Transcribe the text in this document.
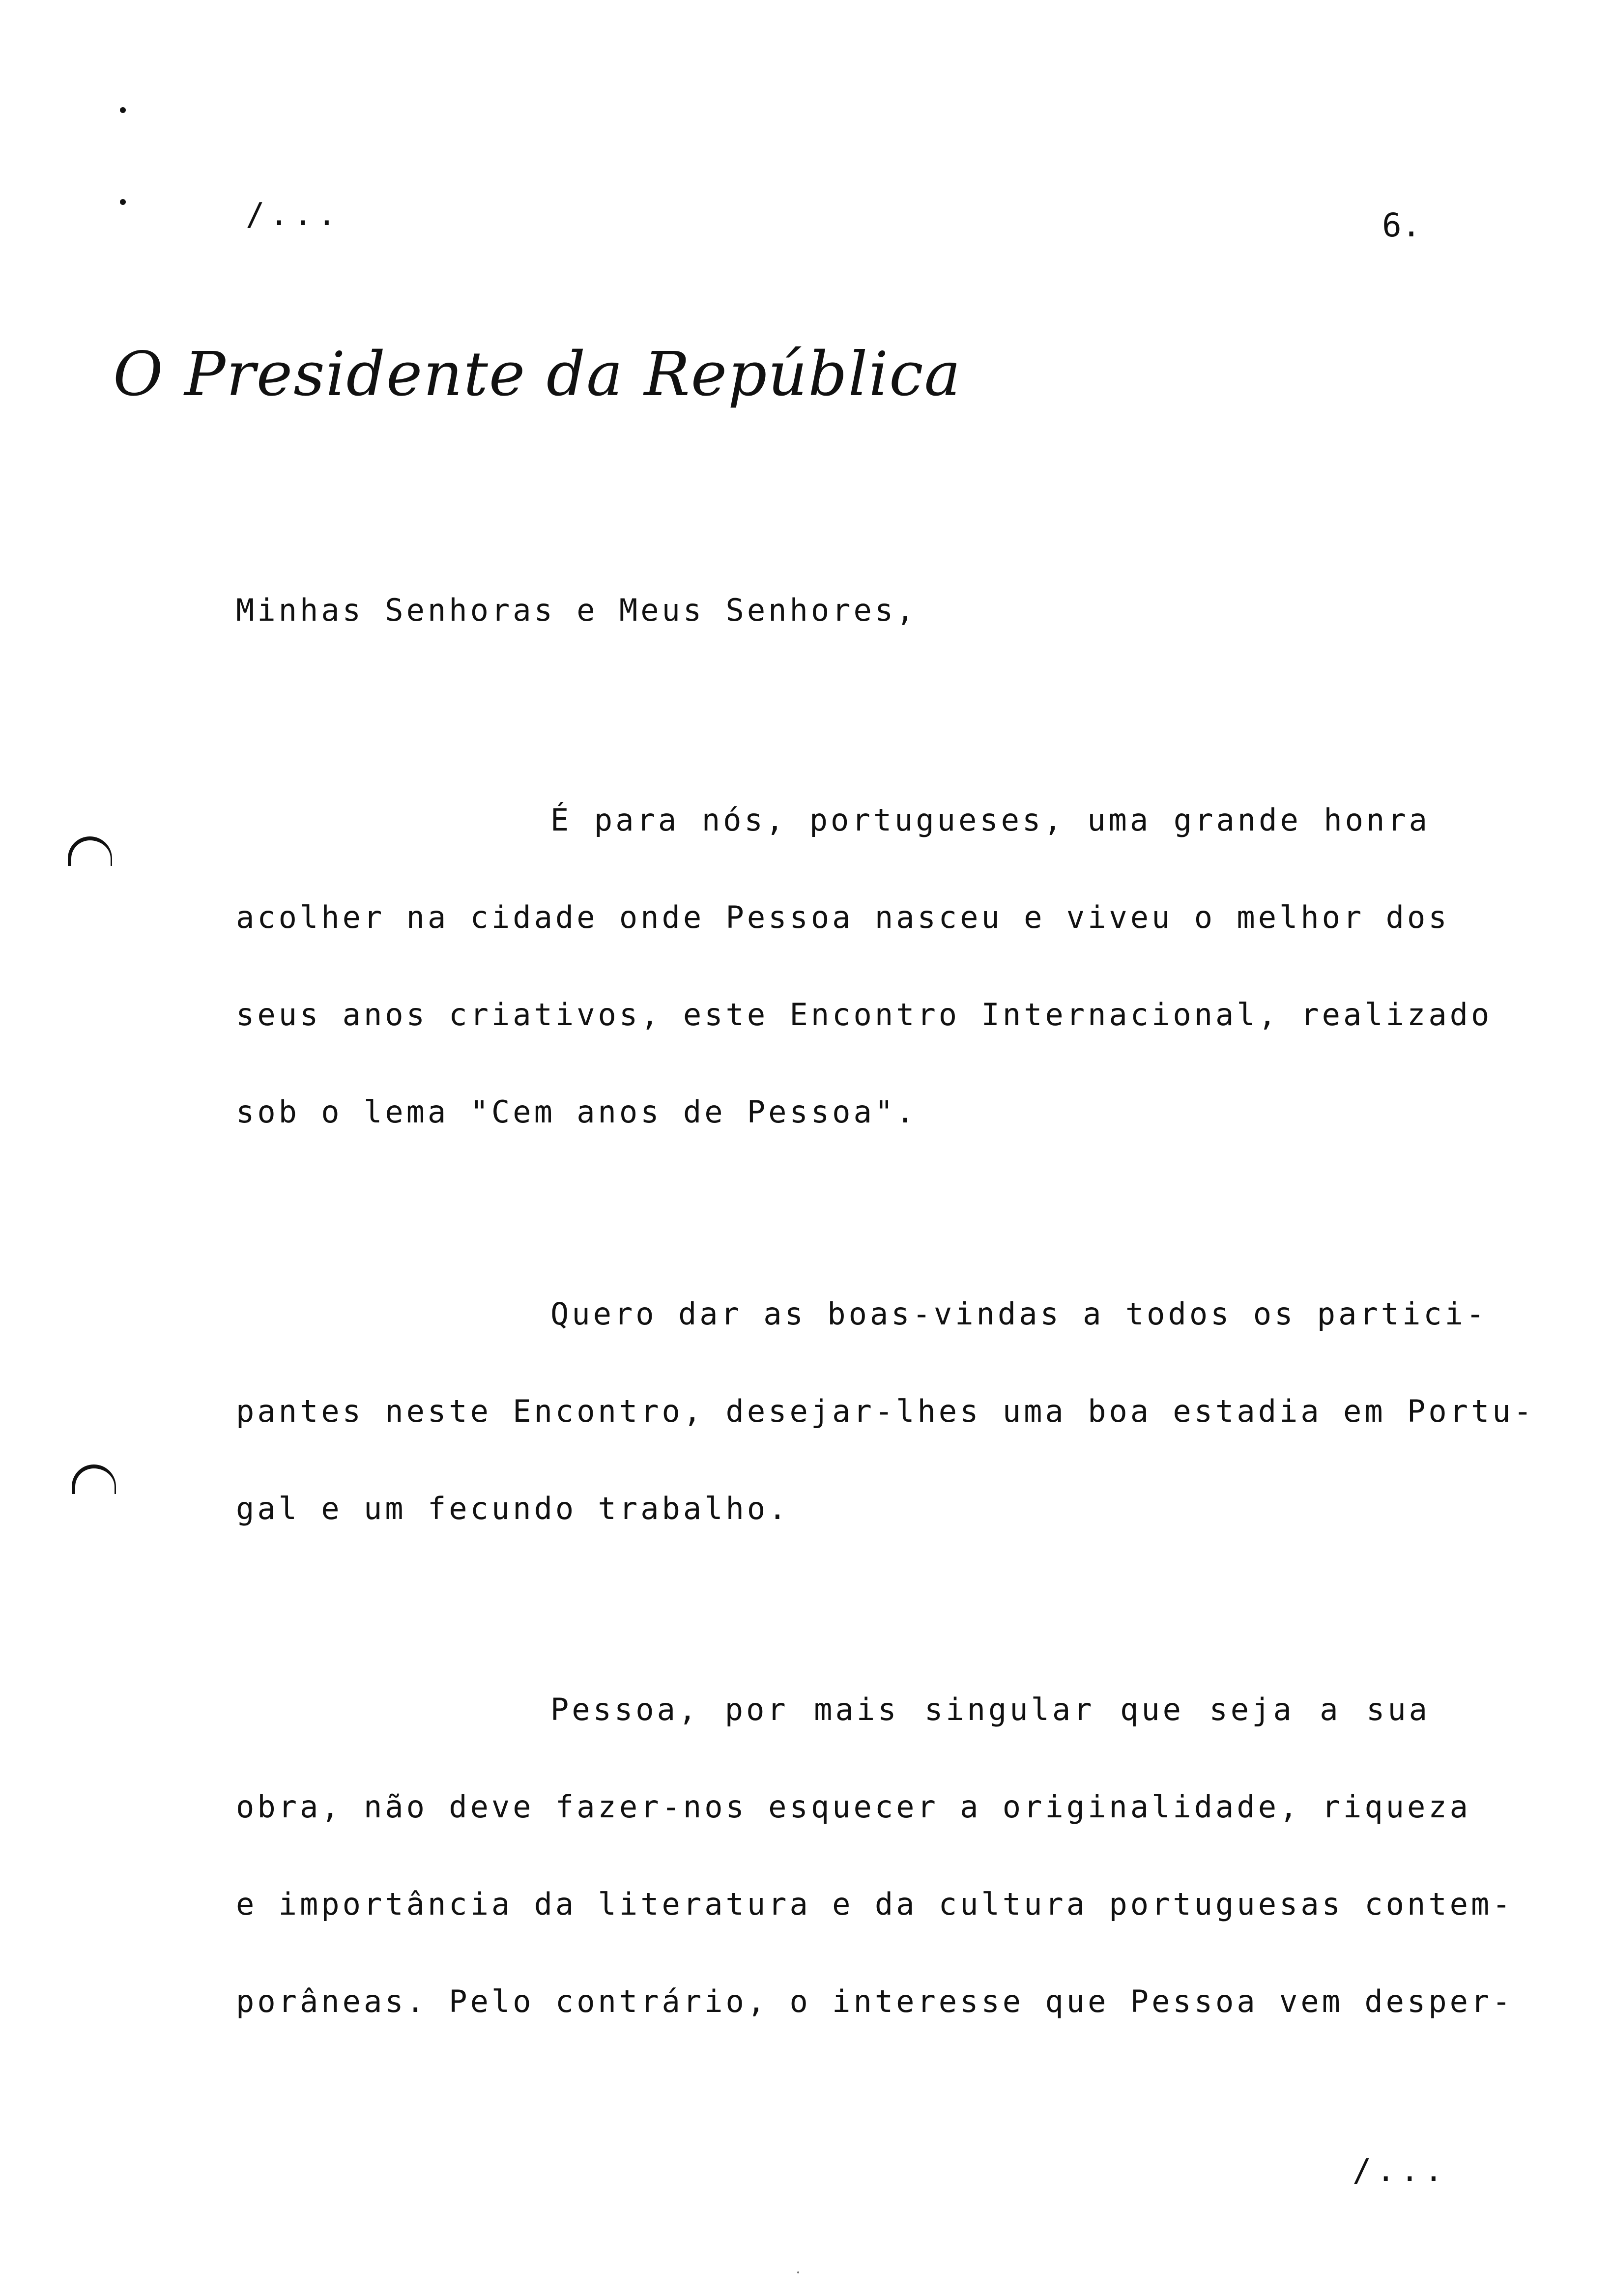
/...	6.
O Presidente da República
Minhas Senhoras e Meus Senhores,
É para nós, portugueses, uma grande honra
acolher na cidade onde Pessoa nasceu e viveu o melhor dos
seus anos criativos, este Encontro Internacional, realizado
sob o lema "Cem anos de Pessoa".
Quero dar as boas-vindas a todos os partici-
pantes neste Encontro, desejar-lhes uma boa estadia em Portu-
gal e um fecundo trabalho.
Pessoa, por mais singular que seja a sua
obra, não deve fazer-nos esquecer a originalidade, riqueza
e importância da literatura e da cultura portuguesas contem-
porâneas. Pelo contrário, o interesse que Pessoa vem desper-
/...
